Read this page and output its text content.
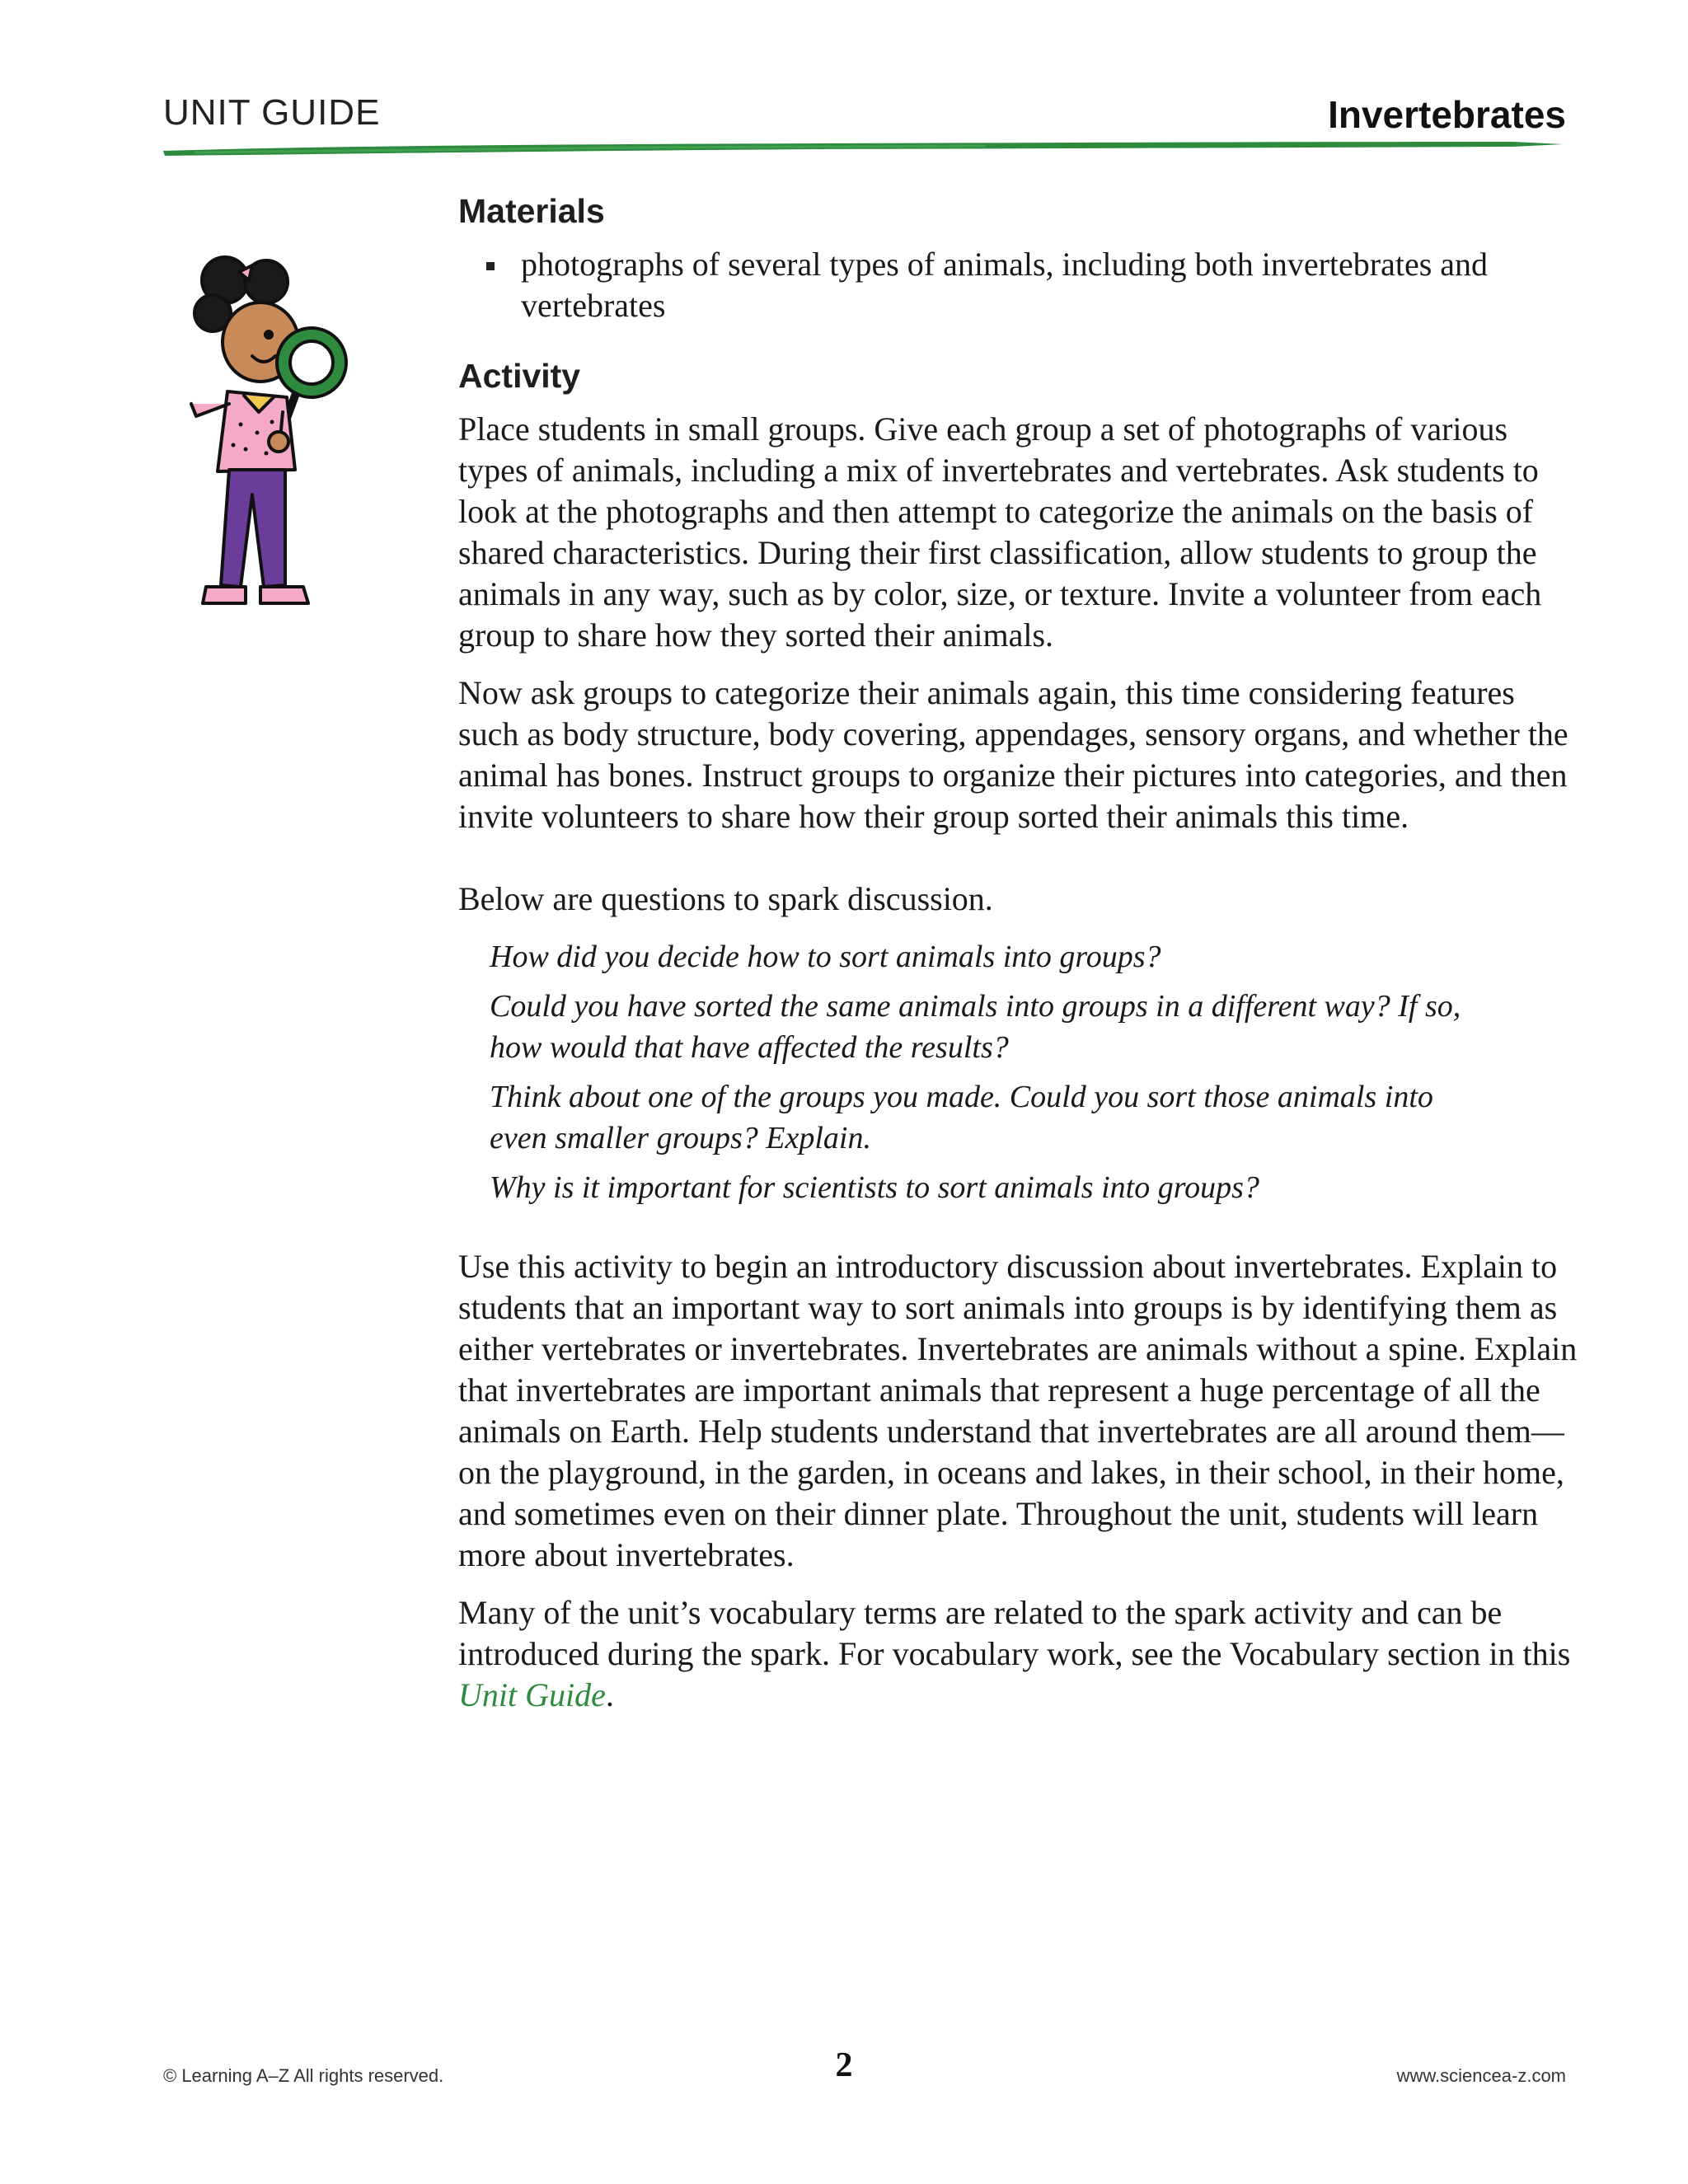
UNIT GUIDE	Invertebrates
Materials
photographs of several types of animals, including both invertebrates and vertebrates
Activity

Place students in small groups. Give each group a set of photographs of various types of animals, including a mix of invertebrates and vertebrates. Ask students to look at the photographs and then attempt to categorize the animals on the basis of shared characteristics. During their first classification, allow students to group the animals in any way, such as by color, size, or texture. Invite a volunteer from each group to share how they sorted their animals.

Now ask groups to categorize their animals again, this time considering features such as body structure, body covering, appendages, sensory organs, and whether the animal has bones. Instruct groups to organize their pictures into categories, and then invite volunteers to share how their group sorted their animals this time.

Below are questions to spark discussion.

How did you decide how to sort animals into groups?
Could you have sorted the same animals into groups in a different way? If so, how would that have affected the results?
Think about one of the groups you made. Could you sort those animals into even smaller groups? Explain.
Why is it important for scientists to sort animals into groups?

Use this activity to begin an introductory discussion about invertebrates. Explain to students that an important way to sort animals into groups is by identifying them as either vertebrates or invertebrates. Invertebrates are animals without a spine. Explain that invertebrates are important animals that represent a huge percentage of all the animals on Earth. Help students understand that invertebrates are all around them—on the playground, in the garden, in oceans and lakes, in their school, in their home, and sometimes even on their dinner plate. Throughout the unit, students will learn more about invertebrates.

Many of the unit’s vocabulary terms are related to the spark activity and can be introduced during the spark. For vocabulary work, see the Vocabulary section in this Unit Guide.

© Learning A–Z All rights reserved.	2	www.sciencea-z.com
